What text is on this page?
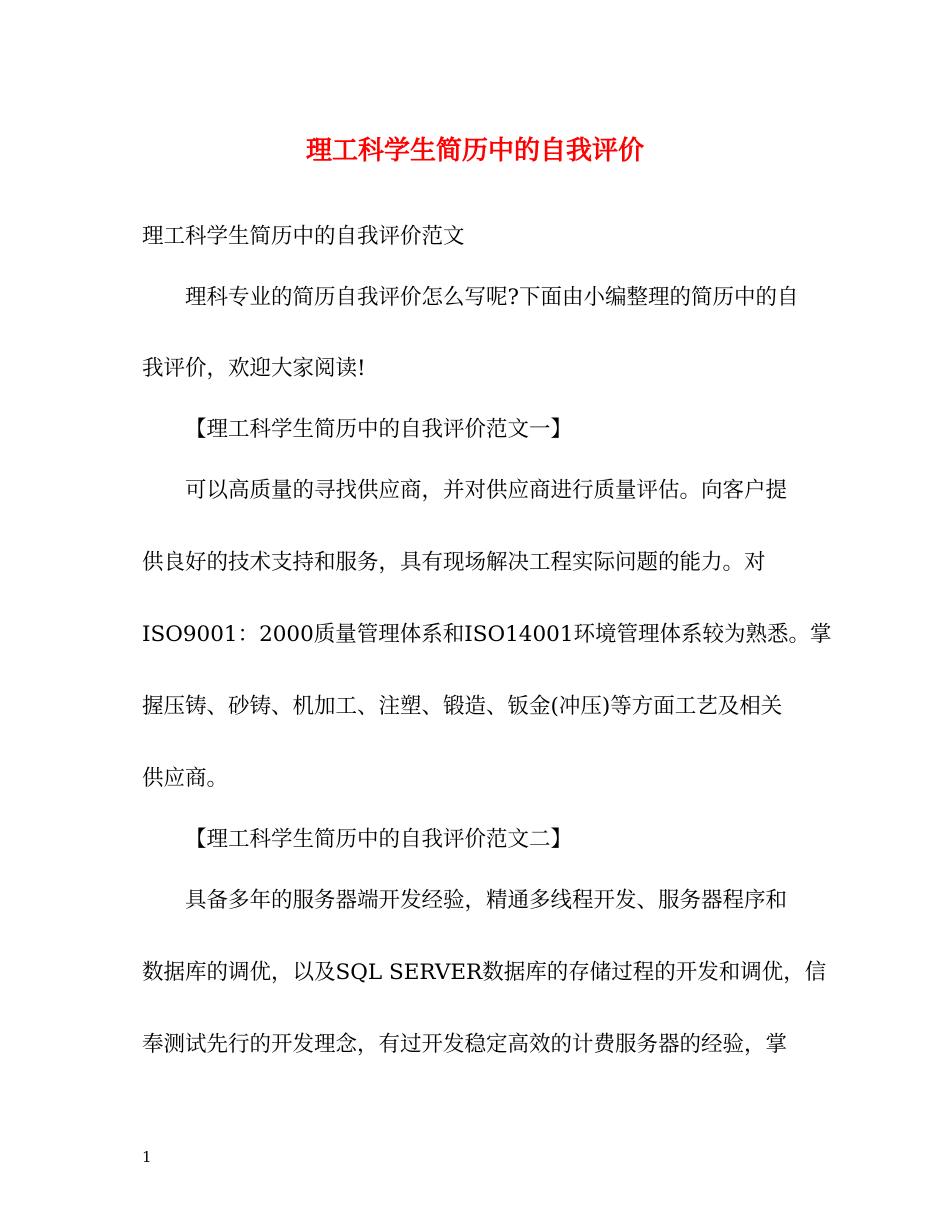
理工科学生简历中的自我评价

理工科学生简历中的自我评价范文

理科专业的简历自我评价怎么写呢?下面由小编整理的简历中的自

我评价，欢迎大家阅读!

【理工科学生简历中的自我评价范文一】

可以高质量的寻找供应商，并对供应商进行质量评估。向客户提

供良好的技术支持和服务，具有现场解决工程实际问题的能力。对

ISO9001：2000质量管理体系和ISO14001环境管理体系较为熟悉。掌

握压铸、砂铸、机加工、注塑、锻造、钣金(冲压)等方面工艺及相关

供应商。

【理工科学生简历中的自我评价范文二】

具备多年的服务器端开发经验，精通多线程开发、服务器程序和

数据库的调优，以及SQL SERVER数据库的存储过程的开发和调优，信

奉测试先行的开发理念，有过开发稳定高效的计费服务器的经验，掌

1
